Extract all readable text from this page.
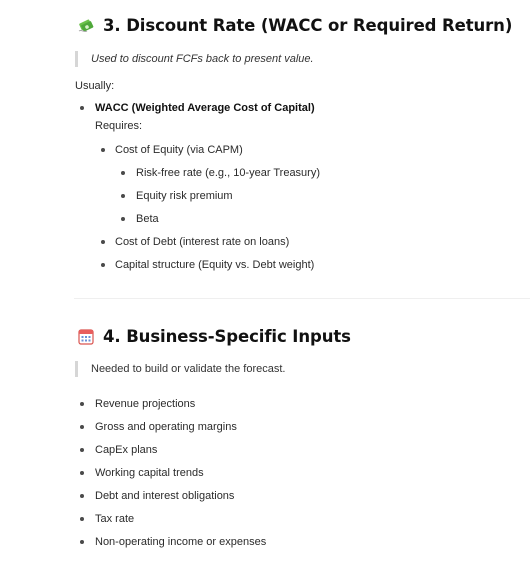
3. Discount Rate (WACC or Required Return)
Used to discount FCFs back to present value.
Usually:
WACC (Weighted Average Cost of Capital)
Requires:
Cost of Equity (via CAPM)
Risk-free rate (e.g., 10-year Treasury)
Equity risk premium
Beta
Cost of Debt (interest rate on loans)
Capital structure (Equity vs. Debt weight)
4. Business-Specific Inputs
Needed to build or validate the forecast.
Revenue projections
Gross and operating margins
CapEx plans
Working capital trends
Debt and interest obligations
Tax rate
Non-operating income or expenses
